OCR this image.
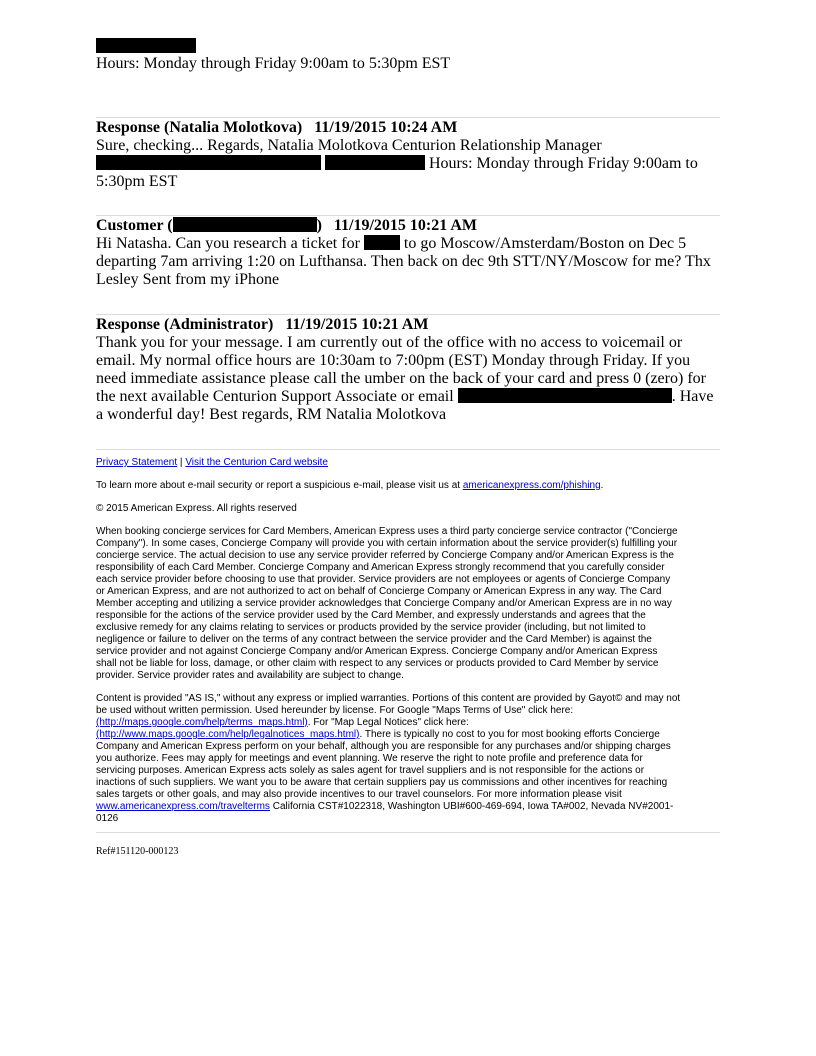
Hours: Monday through Friday 9:00am to 5:30pm EST
Response (Natalia Molotkova)   11/19/2015 10:24 AM
Sure, checking... Regards, Natalia Molotkova Centurion Relationship Manager
Hours: Monday through Friday 9:00am to
5:30pm EST
Customer (	)   11/19/2015 10:21 AM
Hi Natasha. Can you research a ticket for  to go Moscow/Amsterdam/Boston on Dec 5
departing 7am arriving 1:20 on Lufthansa. Then back on dec 9th STT/NY/Moscow for me? Thx
Lesley Sent from my iPhone
Response (Administrator)   11/19/2015 10:21 AM
Thank you for your message. I am currently out of the office with no access to voicemail or
email. My normal office hours are 10:30am to 7:00pm (EST) Monday through Friday. If you
need immediate assistance please call the umber on the back of your card and press 0 (zero) for
the next available Centurion Support Associate or email	. Have
a wonderful day! Best regards, RM Natalia Molotkova

Privacy Statement | Visit the Centurion Card website

To learn more about e-mail security or report a suspicious e-mail, please visit us at americanexpress.com/phishing.

© 2015 American Express. All rights reserved

When booking concierge services for Card Members, American Express uses a third party concierge service contractor ("Concierge
Company"). In some cases, Concierge Company will provide you with certain information about the service provider(s) fulfilling your
concierge service. The actual decision to use any service provider referred by Concierge Company and/or American Express is the
responsibility of each Card Member. Concierge Company and American Express strongly recommend that you carefully consider
each service provider before choosing to use that provider. Service providers are not employees or agents of Concierge Company
or American Express, and are not authorized to act on behalf of Concierge Company or American Express in any way. The Card
Member accepting and utilizing a service provider acknowledges that Concierge Company and/or American Express are in no way
responsible for the actions of the service provider used by the Card Member, and expressly understands and agrees that the
exclusive remedy for any claims relating to services or products provided by the service provider (including, but not limited to
negligence or failure to deliver on the terms of any contract between the service provider and the Card Member) is against the
service provider and not against Concierge Company and/or American Express. Concierge Company and/or American Express
shall not be liable for loss, damage, or other claim with respect to any services or products provided to Card Member by service
provider. Service provider rates and availability are subject to change.
Content is provided "AS IS," without any express or implied warranties. Portions of this content are provided by Gayot© and may not
be used without written permission. Used hereunder by license. For Google "Maps Terms of Use" click here:
(http://maps.google.com/help/terms_maps.html). For "Map Legal Notices" click here:
(http://www.maps.google.com/help/legalnotices_maps.html). There is typically no cost to you for most booking efforts Concierge
Company and American Express perform on your behalf, although you are responsible for any purchases and/or shipping charges
you authorize. Fees may apply for meetings and event planning. We reserve the right to note profile and preference data for
servicing purposes. American Express acts solely as sales agent for travel suppliers and is not responsible for the actions or
inactions of such suppliers. We want you to be aware that certain suppliers pay us commissions and other incentives for reaching
sales targets or other goals, and may also provide incentives to our travel counselors. For more information please visit
www.americanexpress.com/travelterms California CST#1022318, Washington UBI#600-469-694, Iowa TA#002, Nevada NV#2001-
0126
Ref#151120-000123
